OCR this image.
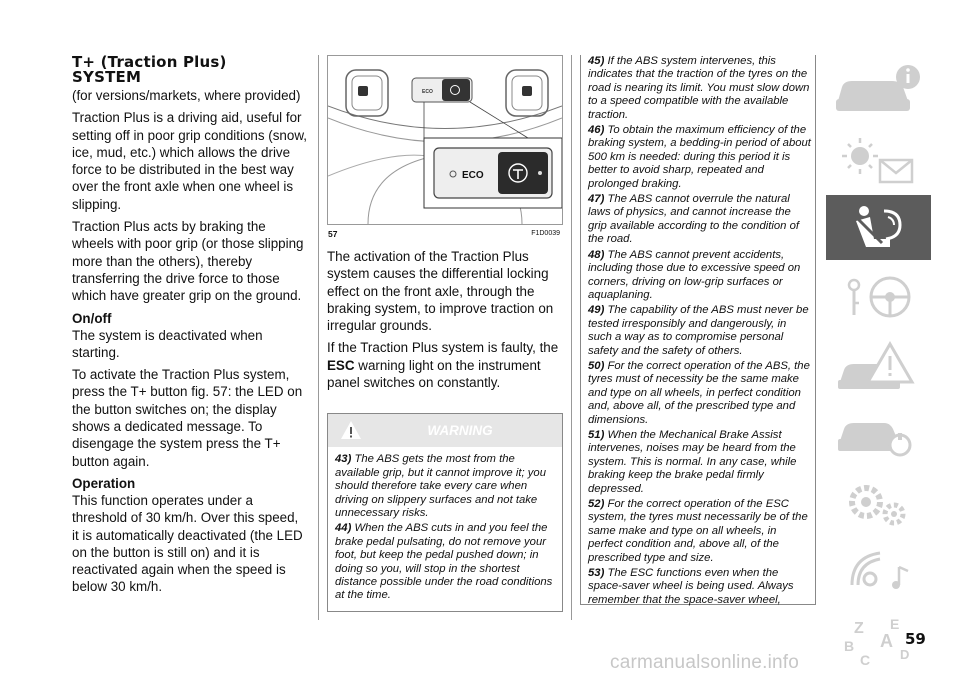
T+ (Traction Plus)
SYSTEM

(for versions/markets, where provided)

Traction Plus is a driving aid, useful for setting off in poor grip conditions (snow, ice, mud, etc.) which allows the drive force to be distributed in the best way over the front axle when one wheel is slipping.

Traction Plus acts by braking the wheels with poor grip (or those slipping more than the others), thereby transferring the drive force to those which have greater grip on the ground.

On/off

The system is deactivated when starting.

To activate the Traction Plus system, press the T+ button fig. 57: the LED on the button switches on; the display shows a dedicated message. To disengage the system press the T+ button again.

Operation

This function operates under a threshold of 30 km/h. Over this speed, it is automatically deactivated (the LED on the button is still on) and it is reactivated again when the speed is below 30 km/h.

ECO
ECO
57	F1D0039

The activation of the Traction Plus system causes the differential locking effect on the front axle, through the braking system, to improve traction on irregular grounds.

If the Traction Plus system is faulty, the ESC warning light on the instrument panel switches on constantly.

WARNING

43) The ABS gets the most from the available grip, but it cannot improve it; you should therefore take every care when driving on slippery surfaces and not take unnecessary risks.

44) When the ABS cuts in and you feel the brake pedal pulsating, do not remove your foot, but keep the pedal pushed down; in doing so you, will stop in the shortest distance possible under the road conditions at the time.

45) If the ABS system intervenes, this indicates that the traction of the tyres on the road is nearing its limit. You must slow down to a speed compatible with the available traction.

46) To obtain the maximum efficiency of the braking system, a bedding-in period of about 500 km is needed: during this period it is better to avoid sharp, repeated and prolonged braking.

47) The ABS cannot overrule the natural laws of physics, and cannot increase the grip available according to the condition of the road.

48) The ABS cannot prevent accidents, including those due to excessive speed on corners, driving on low-grip surfaces or aquaplaning.

49) The capability of the ABS must never be tested irresponsibly and dangerously, in such a way as to compromise personal safety and the safety of others.

50) For the correct operation of the ABS, the tyres must of necessity be the same make and type on all wheels, in perfect condition and, above all, of the prescribed type and dimensions.

51) When the Mechanical Brake Assist intervenes, noises may be heard from the system. This is normal. In any case, while braking keep the brake pedal firmly depressed.

52) For the correct operation of the ESC system, the tyres must necessarily be of the same make and type on all wheels, in perfect condition and, above all, of the prescribed type and size.

53) The ESC functions even when the space-saver wheel is being used. Always remember that the space-saver wheel,

Z E
B A
C D
59
carmanualsonline.info
